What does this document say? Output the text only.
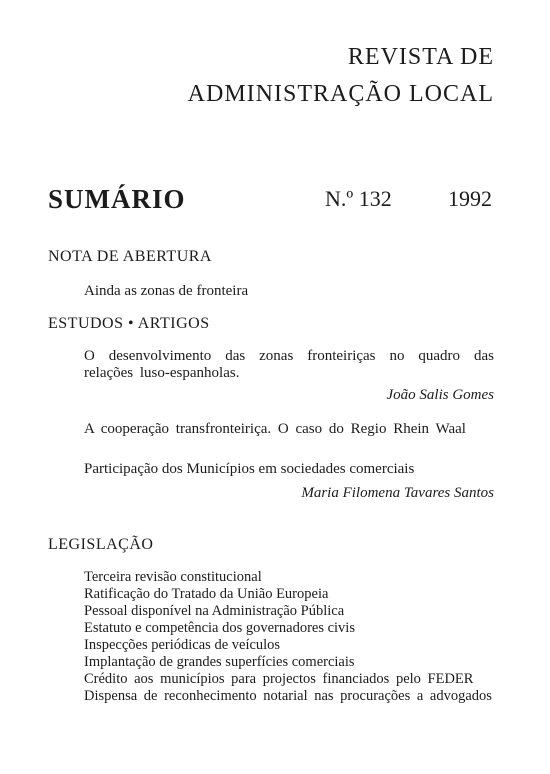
REVISTA DE
ADMINISTRAÇÃO LOCAL
SUMÁRIO	N.º 132	1992
NOTA DE ABERTURA
Ainda as zonas de fronteira
ESTUDOS • ARTIGOS
O desenvolvimento das zonas fronteiriças no quadro das relações luso-espanholas.
João Salis Gomes
A cooperação transfronteiriça. O caso do Regio Rhein Waal
Participação dos Municípios em sociedades comerciais
Maria Filomena Tavares Santos
LEGISLAÇÃO
Terceira revisão constitucional
Ratificação do Tratado da União Europeia
Pessoal disponível na Administração Pública
Estatuto e competência dos governadores civis
Inspecções periódicas de veículos
Implantação de grandes superfícies comerciais
Crédito aos municípios para projectos financiados pelo FEDER
Dispensa de reconhecimento notarial nas procurações a advogados
